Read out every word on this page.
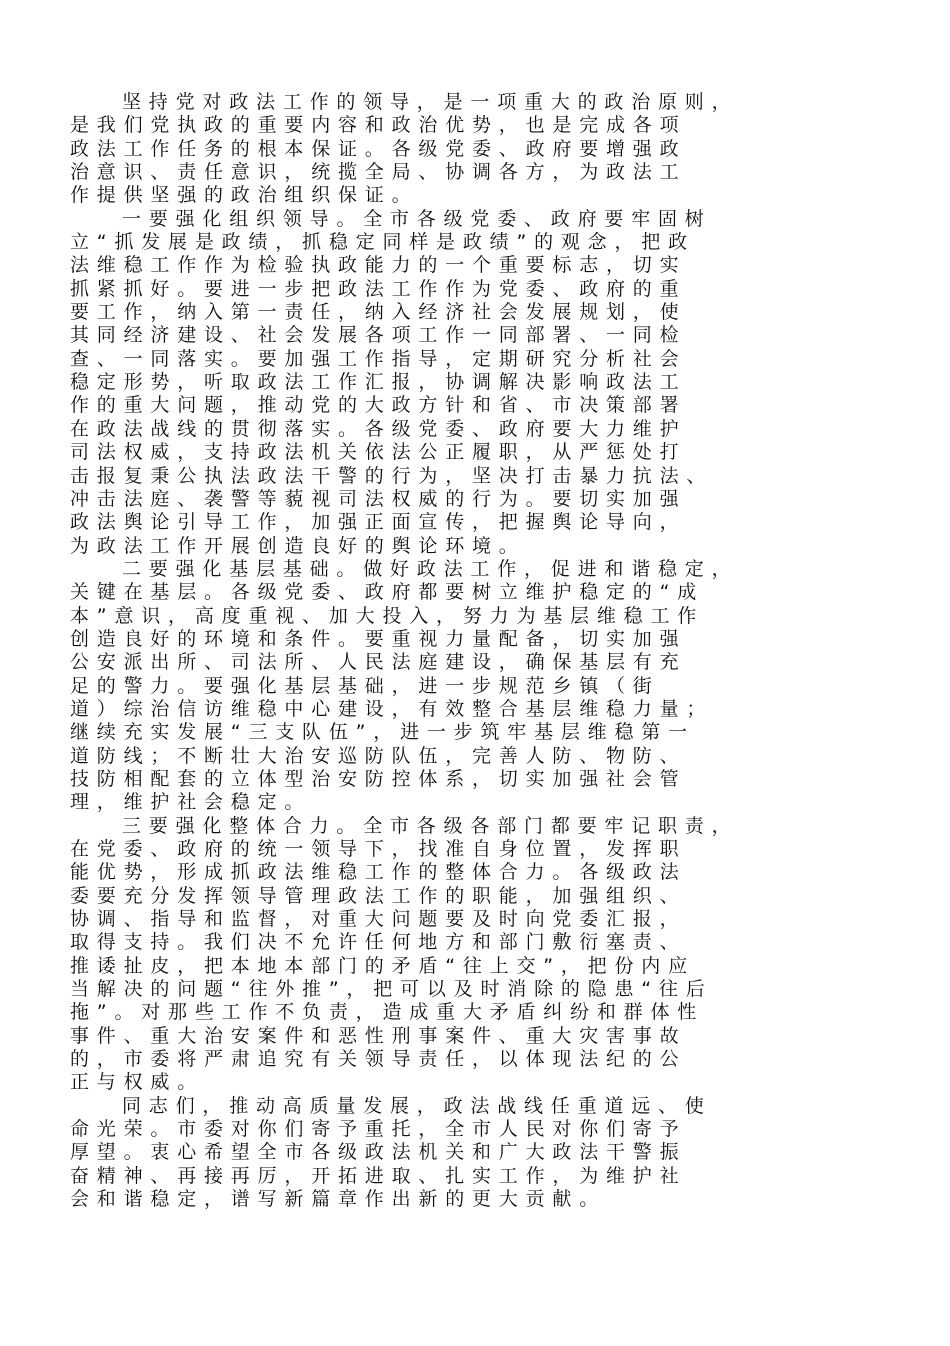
坚持党对政法工作的领导，是一项重大的政治原则，
是我们党执政的重要内容和政治优势，也是完成各项
政法工作任务的根本保证。各级党委、政府要增强政
治意识、责任意识，统揽全局、协调各方，为政法工
作提供坚强的政治组织保证。
一要强化组织领导。全市各级党委、政府要牢固树
立“抓发展是政绩，抓稳定同样是政绩”的观念，把政
法维稳工作作为检验执政能力的一个重要标志，切实
抓紧抓好。要进一步把政法工作作为党委、政府的重
要工作，纳入第一责任，纳入经济社会发展规划，使
其同经济建设、社会发展各项工作一同部署、一同检
查、一同落实。要加强工作指导，定期研究分析社会
稳定形势，听取政法工作汇报，协调解决影响政法工
作的重大问题，推动党的大政方针和省、市决策部署
在政法战线的贯彻落实。各级党委、政府要大力维护
司法权威，支持政法机关依法公正履职，从严惩处打
击报复秉公执法政法干警的行为，坚决打击暴力抗法、
冲击法庭、袭警等藐视司法权威的行为。要切实加强
政法舆论引导工作，加强正面宣传，把握舆论导向，
为政法工作开展创造良好的舆论环境。
二要强化基层基础。做好政法工作，促进和谐稳定，
关键在基层。各级党委、政府都要树立维护稳定的“成
本”意识，高度重视、加大投入，努力为基层维稳工作
创造良好的环境和条件。要重视力量配备，切实加强
公安派出所、司法所、人民法庭建设，确保基层有充
足的警力。要强化基层基础，进一步规范乡镇（街
道）综治信访维稳中心建设，有效整合基层维稳力量；
继续充实发展“三支队伍”，进一步筑牢基层维稳第一
道防线；不断壮大治安巡防队伍，完善人防、物防、
技防相配套的立体型治安防控体系，切实加强社会管
理，维护社会稳定。
三要强化整体合力。全市各级各部门都要牢记职责，
在党委、政府的统一领导下，找准自身位置，发挥职
能优势，形成抓政法维稳工作的整体合力。各级政法
委要充分发挥领导管理政法工作的职能，加强组织、
协调、指导和监督，对重大问题要及时向党委汇报，
取得支持。我们决不允许任何地方和部门敷衍塞责、
推诿扯皮，把本地本部门的矛盾“往上交”，把份内应
当解决的问题“往外推”，把可以及时消除的隐患“往后
拖”。对那些工作不负责，造成重大矛盾纠纷和群体性
事件、重大治安案件和恶性刑事案件、重大灾害事故
的，市委将严肃追究有关领导责任，以体现法纪的公
正与权威。
同志们，推动高质量发展，政法战线任重道远、使
命光荣。市委对你们寄予重托，全市人民对你们寄予
厚望。衷心希望全市各级政法机关和广大政法干警振
奋精神、再接再厉，开拓进取、扎实工作，为维护社
会和谐稳定，谱写新篇章作出新的更大贡献。
